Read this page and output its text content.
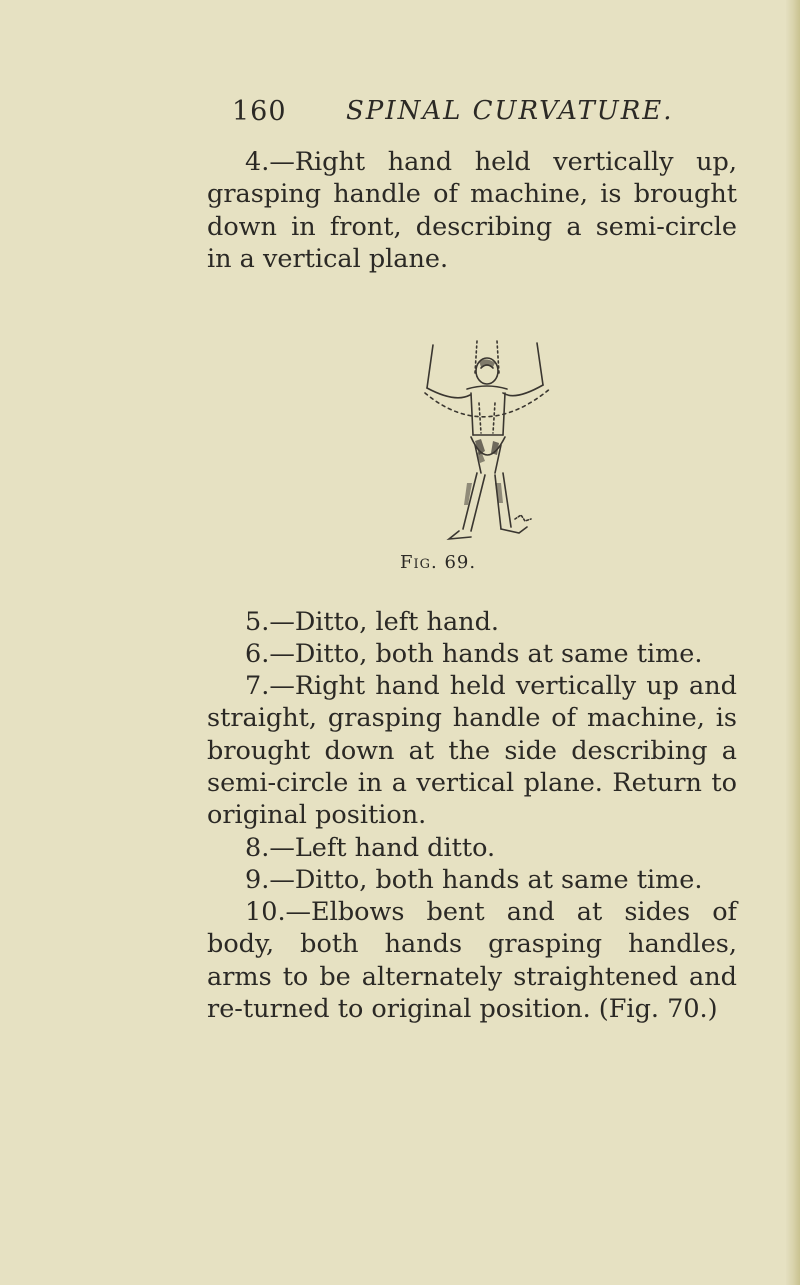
160 SPINAL CURVATURE.

4.—Right hand held vertically up, grasping handle of machine, is brought down in front, describing a semi-circle in a vertical plane.

Fig. 69.

5.—Ditto, left hand.

6.—Ditto, both hands at same time.

7.—Right hand held vertically up and straight, grasping handle of machine, is brought down at the side describing a semi-circle in a vertical plane. Return to original position.

8.—Left hand ditto.

9.—Ditto, both hands at same time.

10.—Elbows bent and at sides of body, both hands grasping handles, arms to be alternately straightened and re-turned to original position. (Fig. 70.)
